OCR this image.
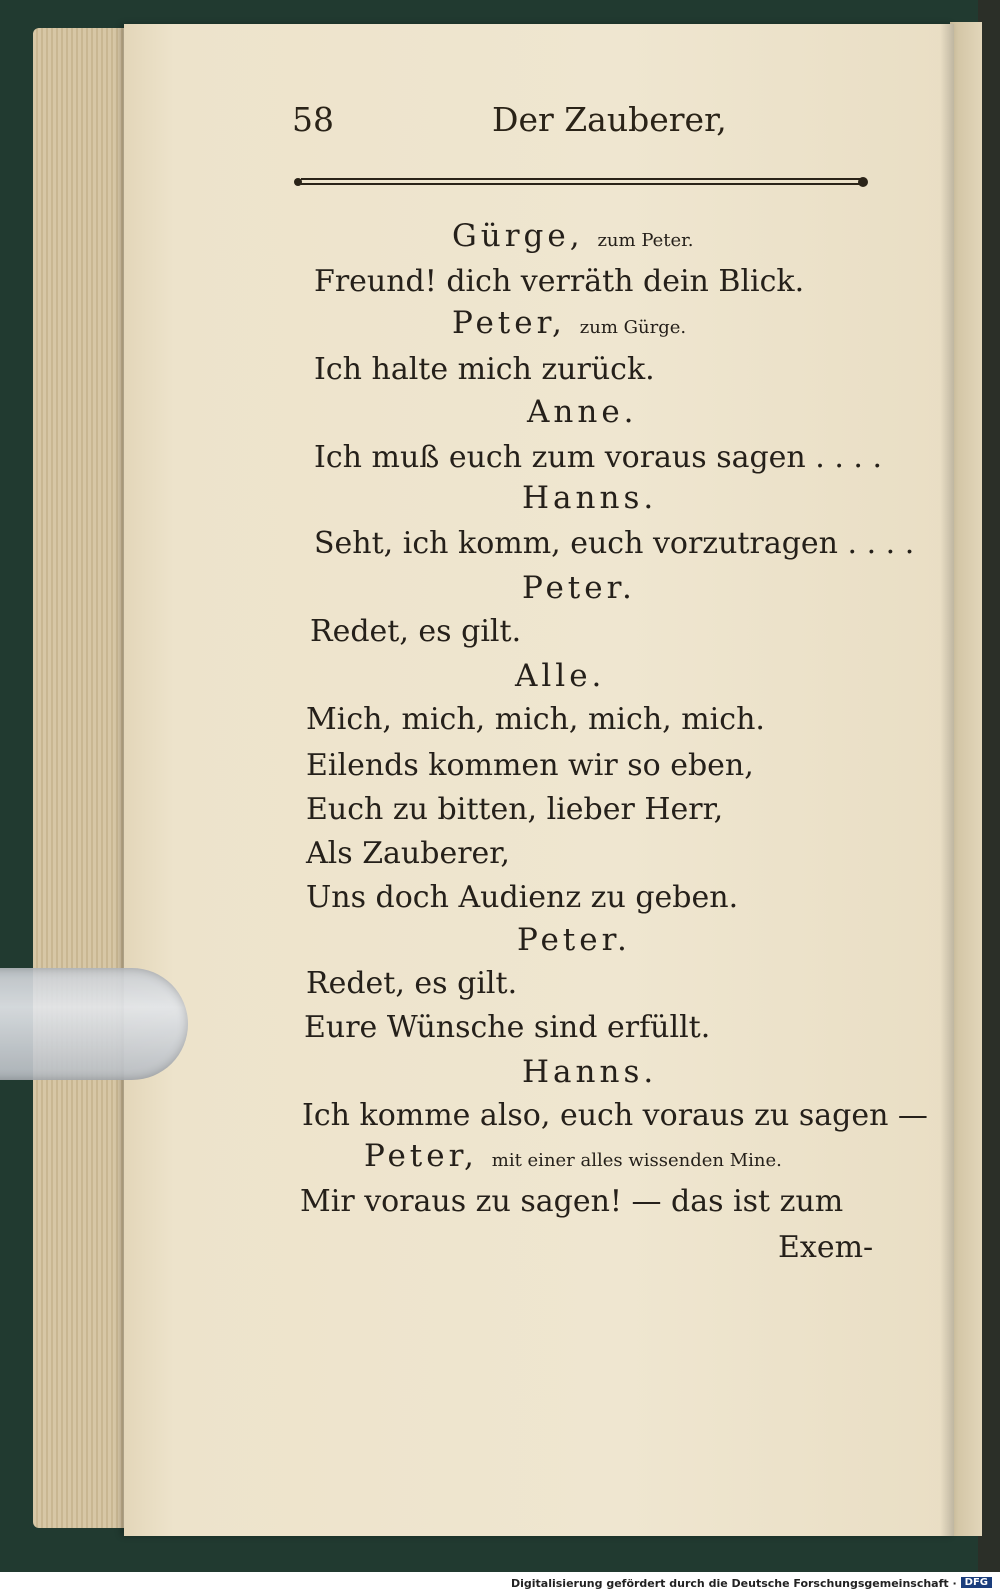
58	Der Zauberer,
Gürge, zum Peter.
Freund! dich verräth dein Blick.
Peter, zum Gürge.
Ich halte mich zurück.
Anne.
Ich muß euch zum voraus sagen . . . .
Hanns.
Seht, ich komm, euch vorzutragen . . . .
Peter.
Redet, es gilt.
Alle.
Mich, mich, mich, mich, mich.
Eilends kommen wir so eben,
Euch zu bitten, lieber Herr,
Als Zauberer,
Uns doch Audienz zu geben.
Peter.
Redet, es gilt.
Eure Wünsche sind erfüllt.
Hanns.
Ich komme also, euch voraus zu sagen —
Peter, mit einer alles wissenden Mine.
Mir voraus zu sagen! — das ist zum
Exem-
Digitalisierung gefördert durch die Deutsche Forschungsgemeinschaft · DFG
